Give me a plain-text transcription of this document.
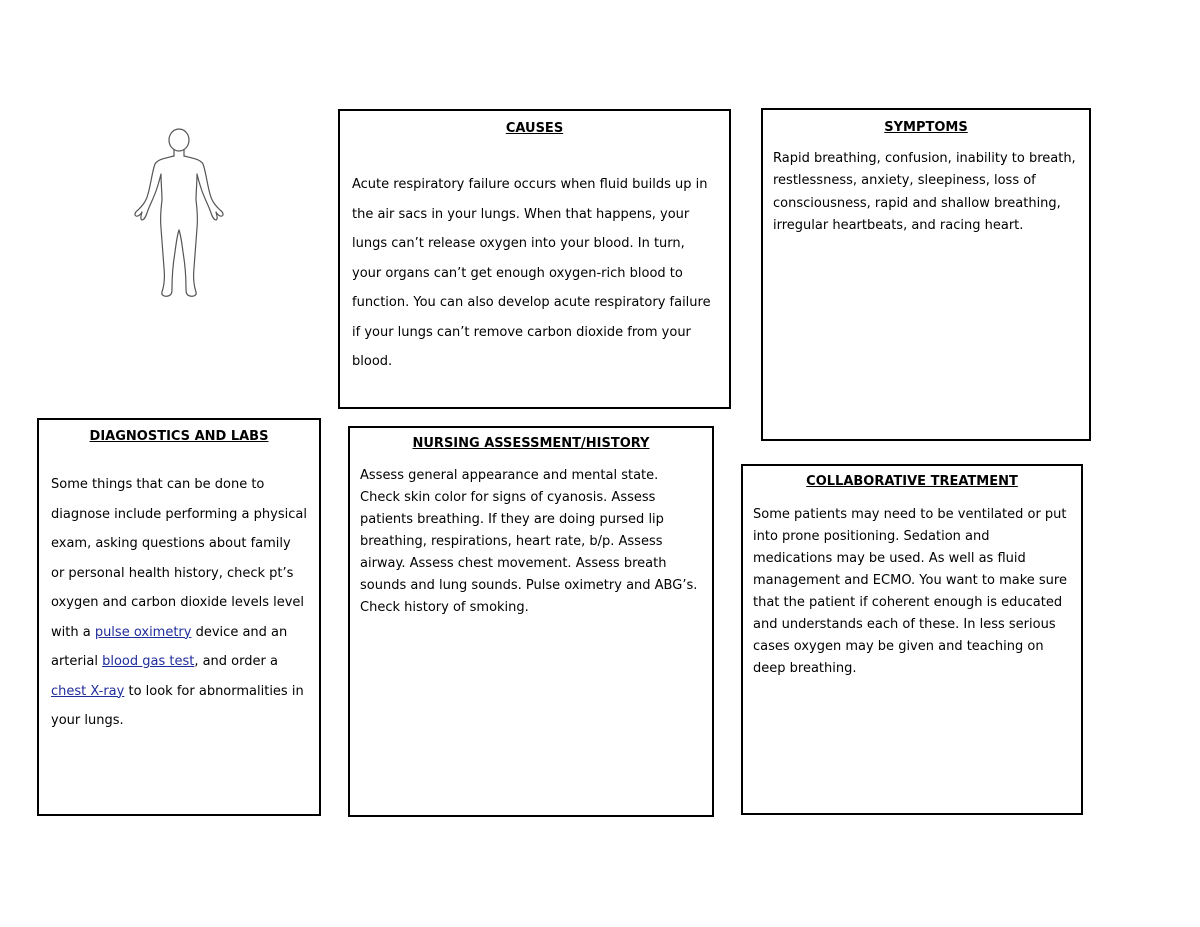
CAUSES

Acute respiratory failure occurs when fluid builds up in the air sacs in your lungs. When that happens, your lungs can’t release oxygen into your blood. In turn, your organs can’t get enough oxygen-rich blood to function. You can also develop acute respiratory failure if your lungs can’t remove carbon dioxide from your blood.

SYMPTOMS

Rapid breathing, confusion, inability to breath, restlessness, anxiety, sleepiness, loss of consciousness, rapid and shallow breathing, irregular heartbeats, and racing heart.

DIAGNOSTICS AND LABS

Some things that can be done to diagnose include performing a physical exam, asking questions about family or personal health history, check pt’s oxygen and carbon dioxide levels level with a pulse oximetry device and an arterial blood gas test, and order a chest X-ray to look for abnormalities in your lungs.

NURSING ASSESSMENT/HISTORY

Assess general appearance and mental state. Check skin color for signs of cyanosis. Assess patients breathing. If they are doing pursed lip breathing, respirations, heart rate, b/p. Assess airway. Assess chest movement. Assess breath sounds and lung sounds. Pulse oximetry and ABG’s. Check history of smoking.

COLLABORATIVE TREATMENT

Some patients may need to be ventilated or put into prone positioning. Sedation and medications may be used. As well as fluid management and ECMO. You want to make sure that the patient if coherent enough is educated and understands each of these. In less serious cases oxygen may be given and teaching on deep breathing.
